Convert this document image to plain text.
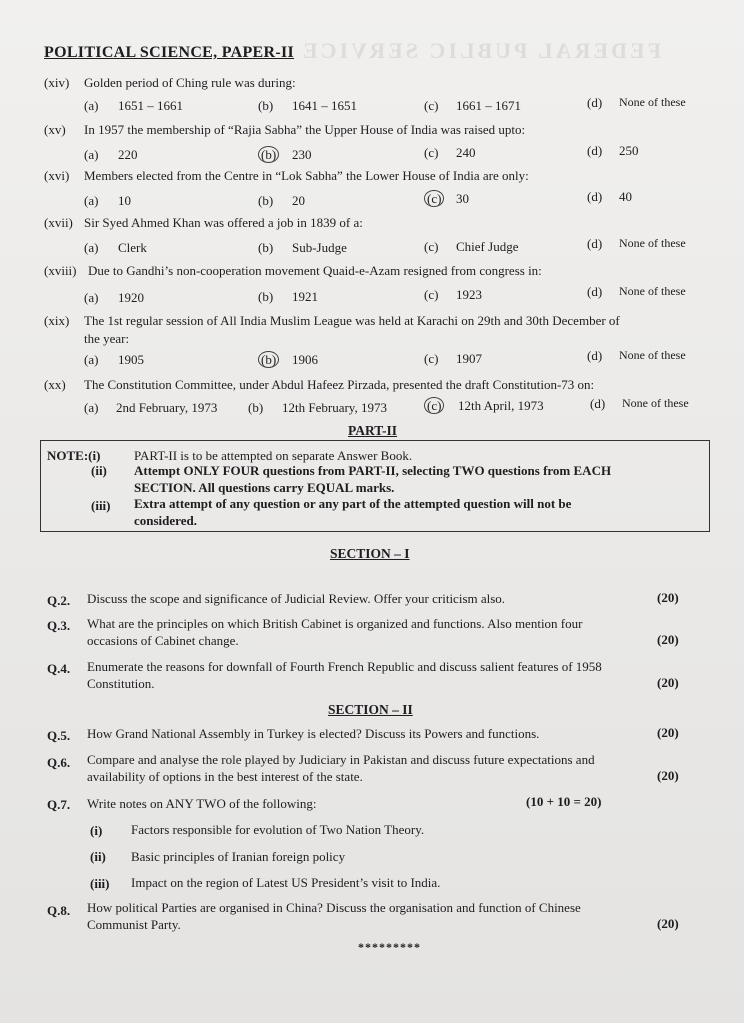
FEDERAL PUBLIC SERVICE
POLITICAL SCIENCE, PAPER-II
(xiv) Golden period of Ching rule was during:
(a) 1651 – 1661	(b) 1641 – 1651	(c) 1661 – 1671	(d) None of these
(xv) In 1957 the membership of “Rajia Sabha” the Upper House of India was raised upto:
(a) 220	(b) 230	(c) 240	(d) 250
(xvi) Members elected from the Centre in “Lok Sabha” the Lower House of India are only:
(a) 10	(b) 20	(c) 30	(d) 40
(xvii) Sir Syed Ahmed Khan was offered a job in 1839 of a:
(a) Clerk	(b) Sub-Judge	(c) Chief Judge	(d) None of these
(xviii) Due to Gandhi’s non-cooperation movement Quaid-e-Azam resigned from congress in:
(a) 1920	(b) 1921	(c) 1923	(d) None of these
(xix) The 1st regular session of All India Muslim League was held at Karachi on 29th and 30th December of
the year:
(a) 1905	(b) 1906	(c) 1907	(d) None of these
(xx) The Constitution Committee, under Abdul Hafeez Pirzada, presented the draft Constitution-73 on:
(a) 2nd February, 1973 (b) 12th February, 1973	(c) 12th April, 1973	(d) None of these
PART-II
NOTE:(i)	PART-II is to be attempted on separate Answer Book.
(ii) Attempt ONLY FOUR questions from PART-II, selecting TWO questions from EACH
SECTION. All questions carry EQUAL marks.
(iii) Extra attempt of any question or any part of the attempted question will not be
considered.
SECTION – I
Q.2. Discuss the scope and significance of Judicial Review. Offer your criticism also.	(20)
Q.3. What are the principles on which British Cabinet is organized and functions. Also mention four
occasions of Cabinet change.	(20)
Q.4. Enumerate the reasons for downfall of Fourth French Republic and discuss salient features of 1958
Constitution.	(20)
SECTION – II
Q.5. How Grand National Assembly in Turkey is elected? Discuss its Powers and functions.	(20)
Q.6. Compare and analyse the role played by Judiciary in Pakistan and discuss future expectations and
availability of options in the best interest of the state.	(20)
Q.7. Write notes on ANY TWO of the following:	(10 + 10 = 20)
(i) Factors responsible for evolution of Two Nation Theory.
(ii) Basic principles of Iranian foreign policy
(iii) Impact on the region of Latest US President’s visit to India.
Q.8. How political Parties are organised in China? Discuss the organisation and function of Chinese
Communist Party.	(20)
*********
